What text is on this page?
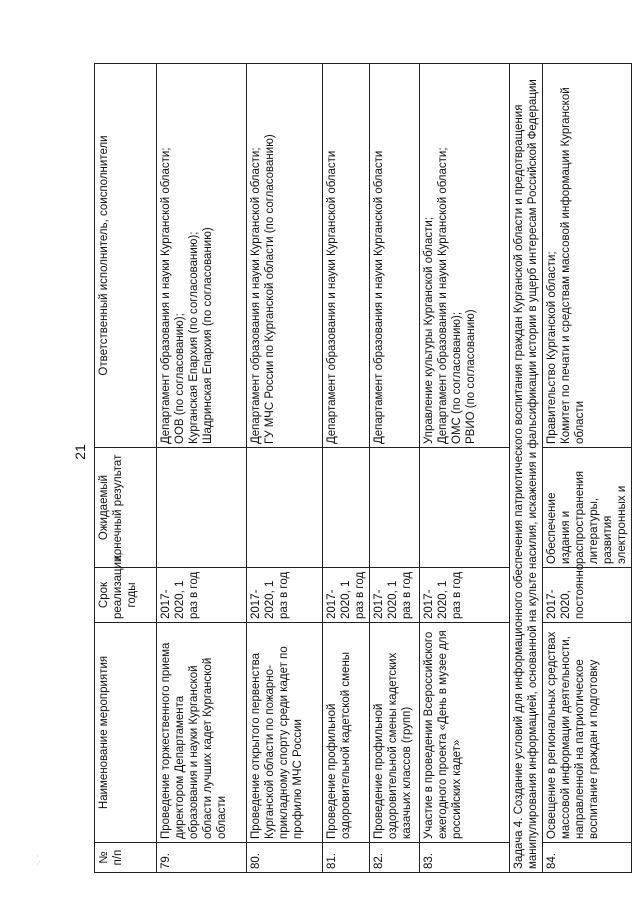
21
·. ·	№ п/п	Наименование мероприятия	Срок реализации, годы	Ожидаемый конечный результат	Ответственный исполнитель, соисполнители
79.	Проведение торжественного приема директором Департамента образования и науки Курганской области лучших кадет Курганской области	2017-2020, 1 раз в год		Департамент образования и науки Курганской области; ООВ (по согласованию); Курганская Епархия (по согласованию); Шадринская Епархия (по согласованию)

80.	Проведение открытого первенства Курганской области по пожарно-прикладному спорту среди кадет по профилю МЧС России	2017-2020, 1 раз в год		Департамент образования и науки Курганской области; ГУ МЧС России по Курганской области (по согласованию)

81.	Проведение профильной оздоровительной кадетской смены	2017-2020, 1 раз в год		Департамент образования и науки Курганской области

82.	Проведение профильной оздоровительной смены кадетских казачьих классов (групп)	2017-2020, 1 раз в год		Департамент образования и науки Курганской области

83.	Участие в проведении Всероссийского ежегодного проекта «День в музее для российских кадет»	2017-2020, 1 раз в год		Управление культуры Курганской области; Департамент образования и науки Курганской области; ОМС (по согласованию); РВИО (по согласованию)

Задача 4. Создание условий для информационного обеспечения патриотического воспитания граждан Курганской области и предотвращения манипулирования информацией, основанной на культе насилия, искажения и фальсификации истории в ущерб интересам Российской Федерации				
84.	Освещение в региональных средствах массовой информации деятельности, направленной на патриотическое воспитание граждан и подготовку	2017-2020, постоянно	Обеспечение издания и распространения литературы, развития электронных и	Правительство Курганской области; Комитет по печати и средствам массовой информации Курганской области
